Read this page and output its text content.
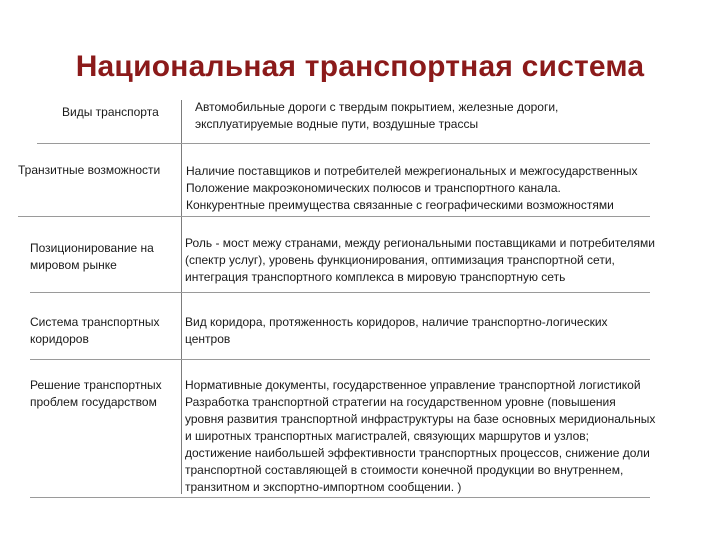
Национальная транспортная система
Виды транспорта	Автомобильные дороги с твердым покрытием, железные дороги,
эксплуатируемые водные пути, воздушные трассы
Транзитные возможности Наличие поставщиков и потребителей межрегиональных и межгосударственных
Положение макроэкономических полюсов и транспортного канала.
Конкурентные преимущества связанные с географическими возможностями
Позиционирование на
мировом рынке
Роль - мост межу странами, между региональными поставщиками и потребителями
(спектр услуг), уровень функционирования, оптимизация транспортной сети,
интеграция транспортного комплекса в мировую транспортную сеть
Система транспортных
коридоров
Вид коридора, протяженность коридоров, наличие транспортно-логических
центров
Решение транспортных
проблем государством
Нормативные документы, государственное управление транспортной логистикой
Разработка транспортной стратегии на государственном уровне (повышения
уровня развития транспортной инфраструктуры на базе основных меридиональных
и широтных транспортных магистралей, связующих маршрутов и узлов;
достижение наибольшей эффективности транспортных процессов, снижение доли
транспортной составляющей в стоимости конечной продукции во внутреннем,
транзитном и экспортно-импортном сообщении. )
